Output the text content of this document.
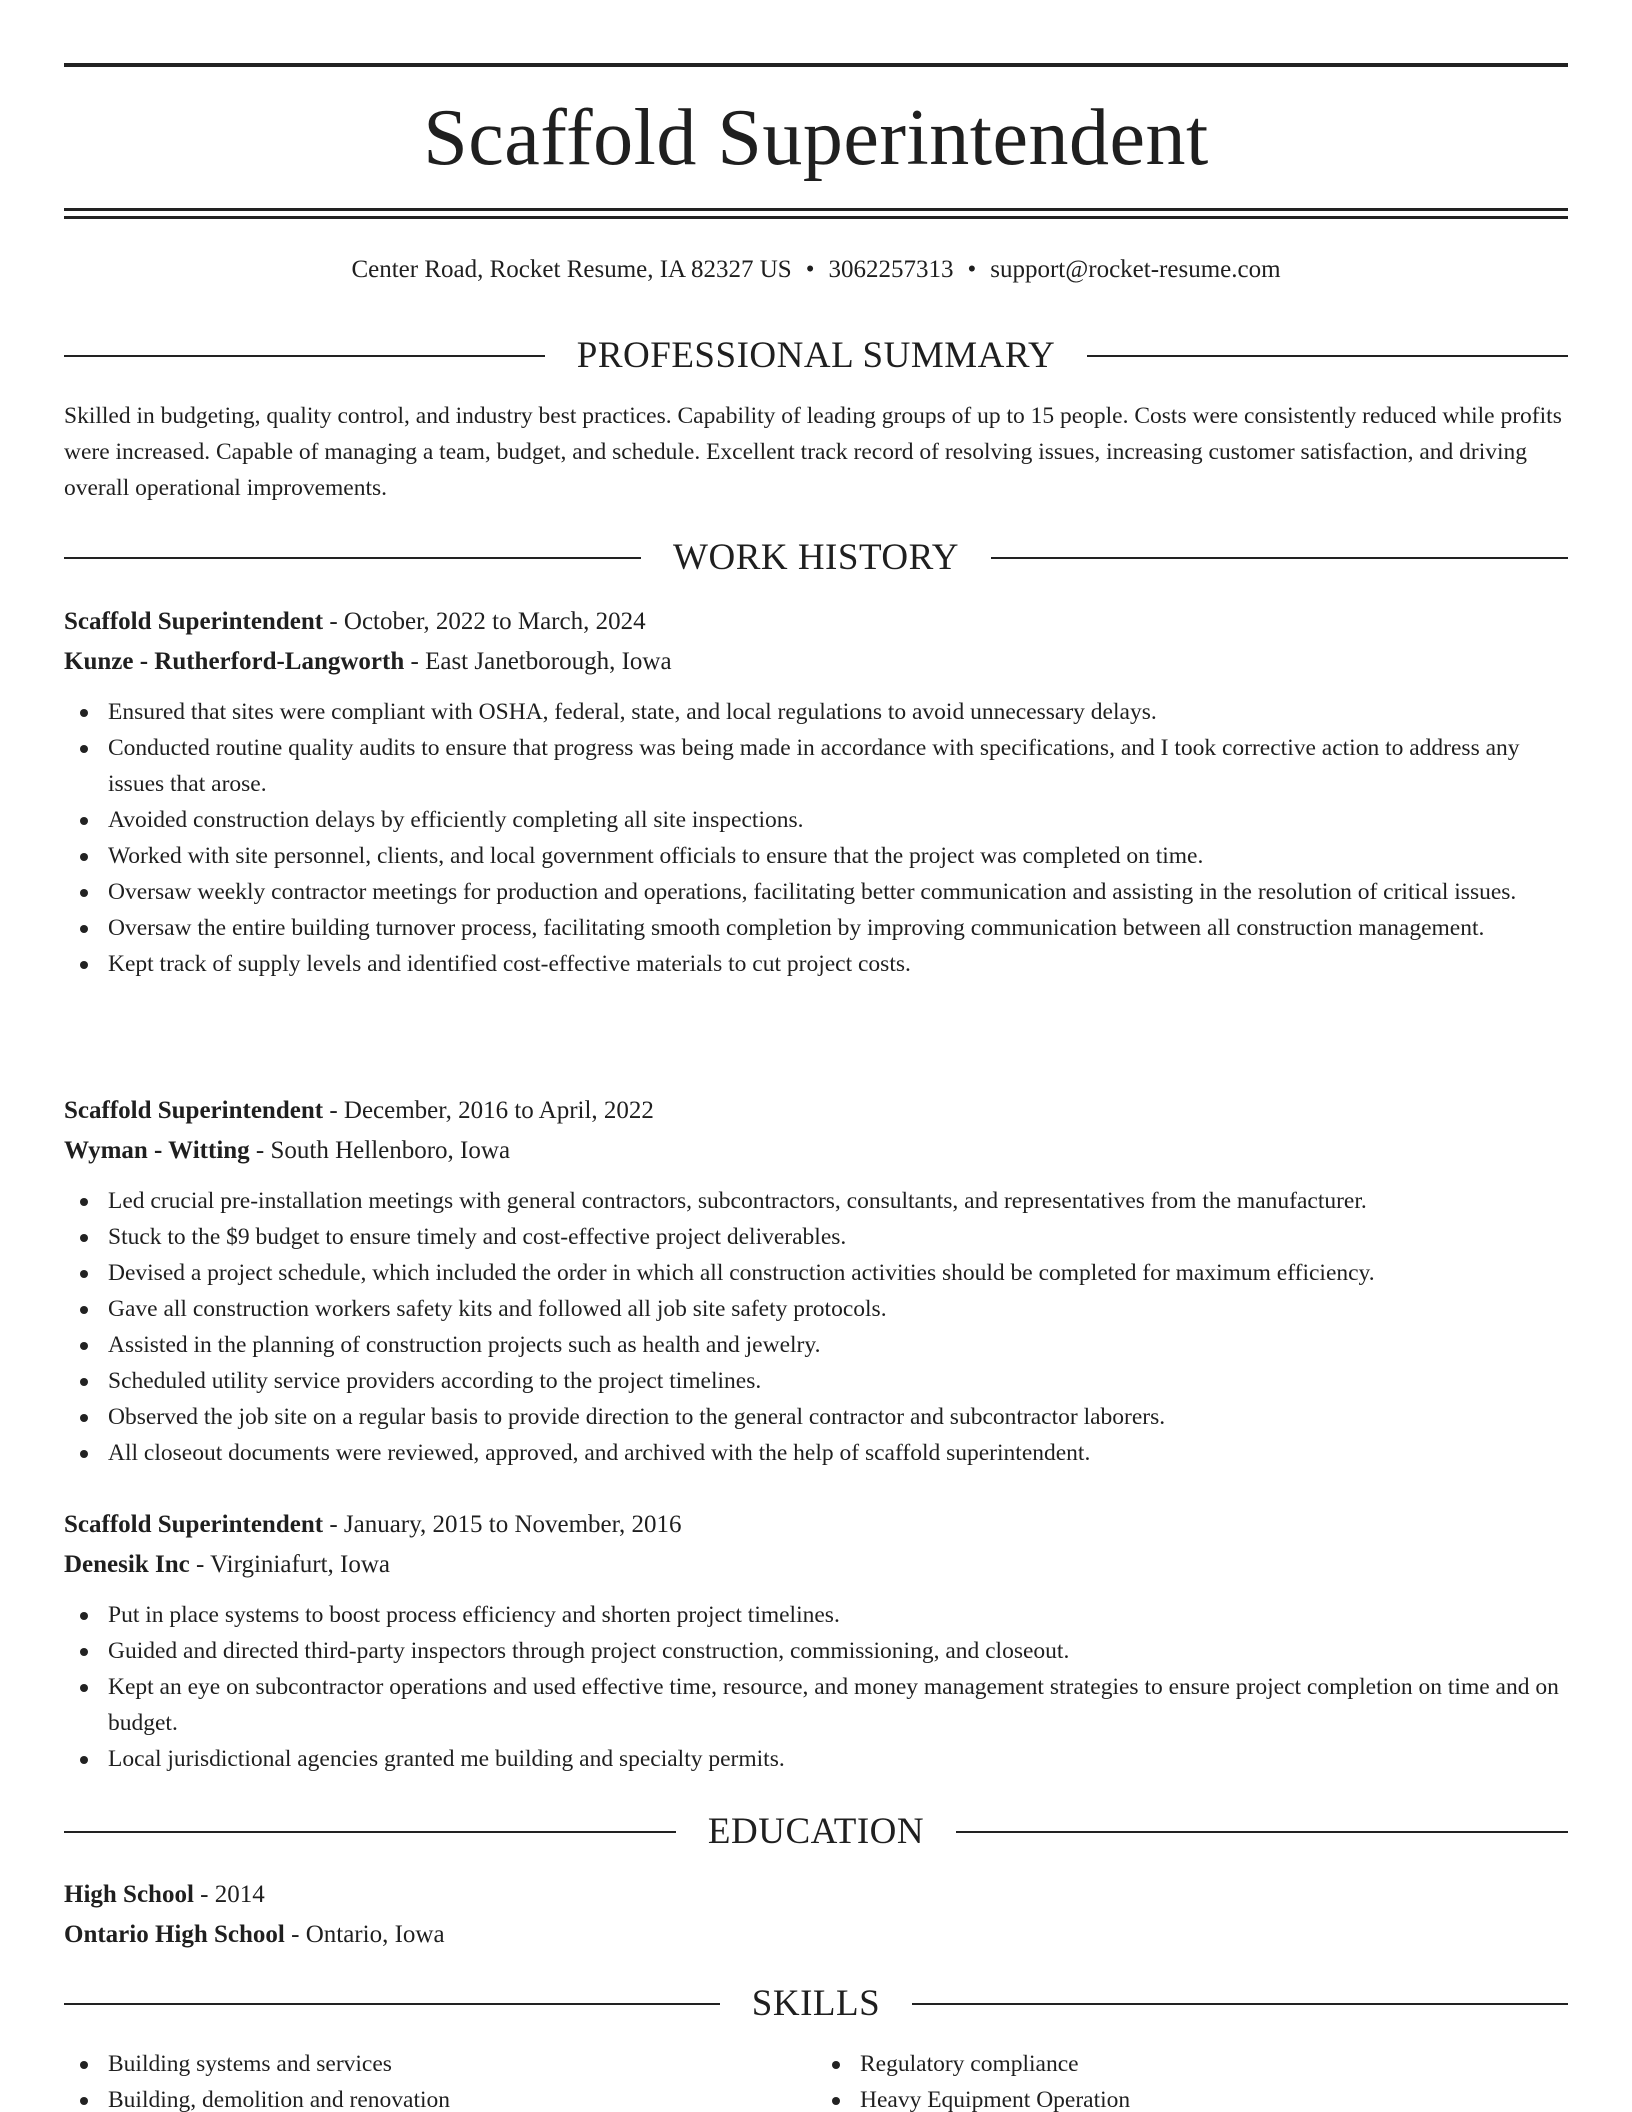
Scaffold Superintendent
Center Road, Rocket Resume, IA 82327 US • 3062257313 • support@rocket-resume.com
PROFESSIONAL SUMMARY

Skilled in budgeting, quality control, and industry best practices. Capability of leading groups of up to 15 people. Costs were consistently reduced while profits were increased. Capable of managing a team, budget, and schedule. Excellent track record of resolving issues, increasing customer satisfaction, and driving overall operational improvements.

WORK HISTORY
Scaffold Superintendent - October, 2022 to March, 2024
Kunze - Rutherford-Langworth - East Janetborough, Iowa
Ensured that sites were compliant with OSHA, federal, state, and local regulations to avoid unnecessary delays.
Conducted routine quality audits to ensure that progress was being made in accordance with specifications, and I took corrective action to address any issues that arose.
Avoided construction delays by efficiently completing all site inspections.
Worked with site personnel, clients, and local government officials to ensure that the project was completed on time.
Oversaw weekly contractor meetings for production and operations, facilitating better communication and assisting in the resolution of critical issues.
Oversaw the entire building turnover process, facilitating smooth completion by improving communication between all construction management.
Kept track of supply levels and identified cost-effective materials to cut project costs.
Scaffold Superintendent - December, 2016 to April, 2022
Wyman - Witting - South Hellenboro, Iowa
Led crucial pre-installation meetings with general contractors, subcontractors, consultants, and representatives from the manufacturer.
Stuck to the $9 budget to ensure timely and cost-effective project deliverables.
Devised a project schedule, which included the order in which all construction activities should be completed for maximum efficiency.
Gave all construction workers safety kits and followed all job site safety protocols.
Assisted in the planning of construction projects such as health and jewelry.
Scheduled utility service providers according to the project timelines.
Observed the job site on a regular basis to provide direction to the general contractor and subcontractor laborers.
All closeout documents were reviewed, approved, and archived with the help of scaffold superintendent.
Scaffold Superintendent - January, 2015 to November, 2016
Denesik Inc - Virginiafurt, Iowa
Put in place systems to boost process efficiency and shorten project timelines.
Guided and directed third-party inspectors through project construction, commissioning, and closeout.
Kept an eye on subcontractor operations and used effective time, resource, and money management strategies to ensure project completion on time and on budget.
Local jurisdictional agencies granted me building and specialty permits.
EDUCATION
High School - 2014
Ontario High School - Ontario, Iowa
SKILLS
Building systems and services
Building, demolition and renovation
Regulatory compliance
Heavy Equipment Operation
